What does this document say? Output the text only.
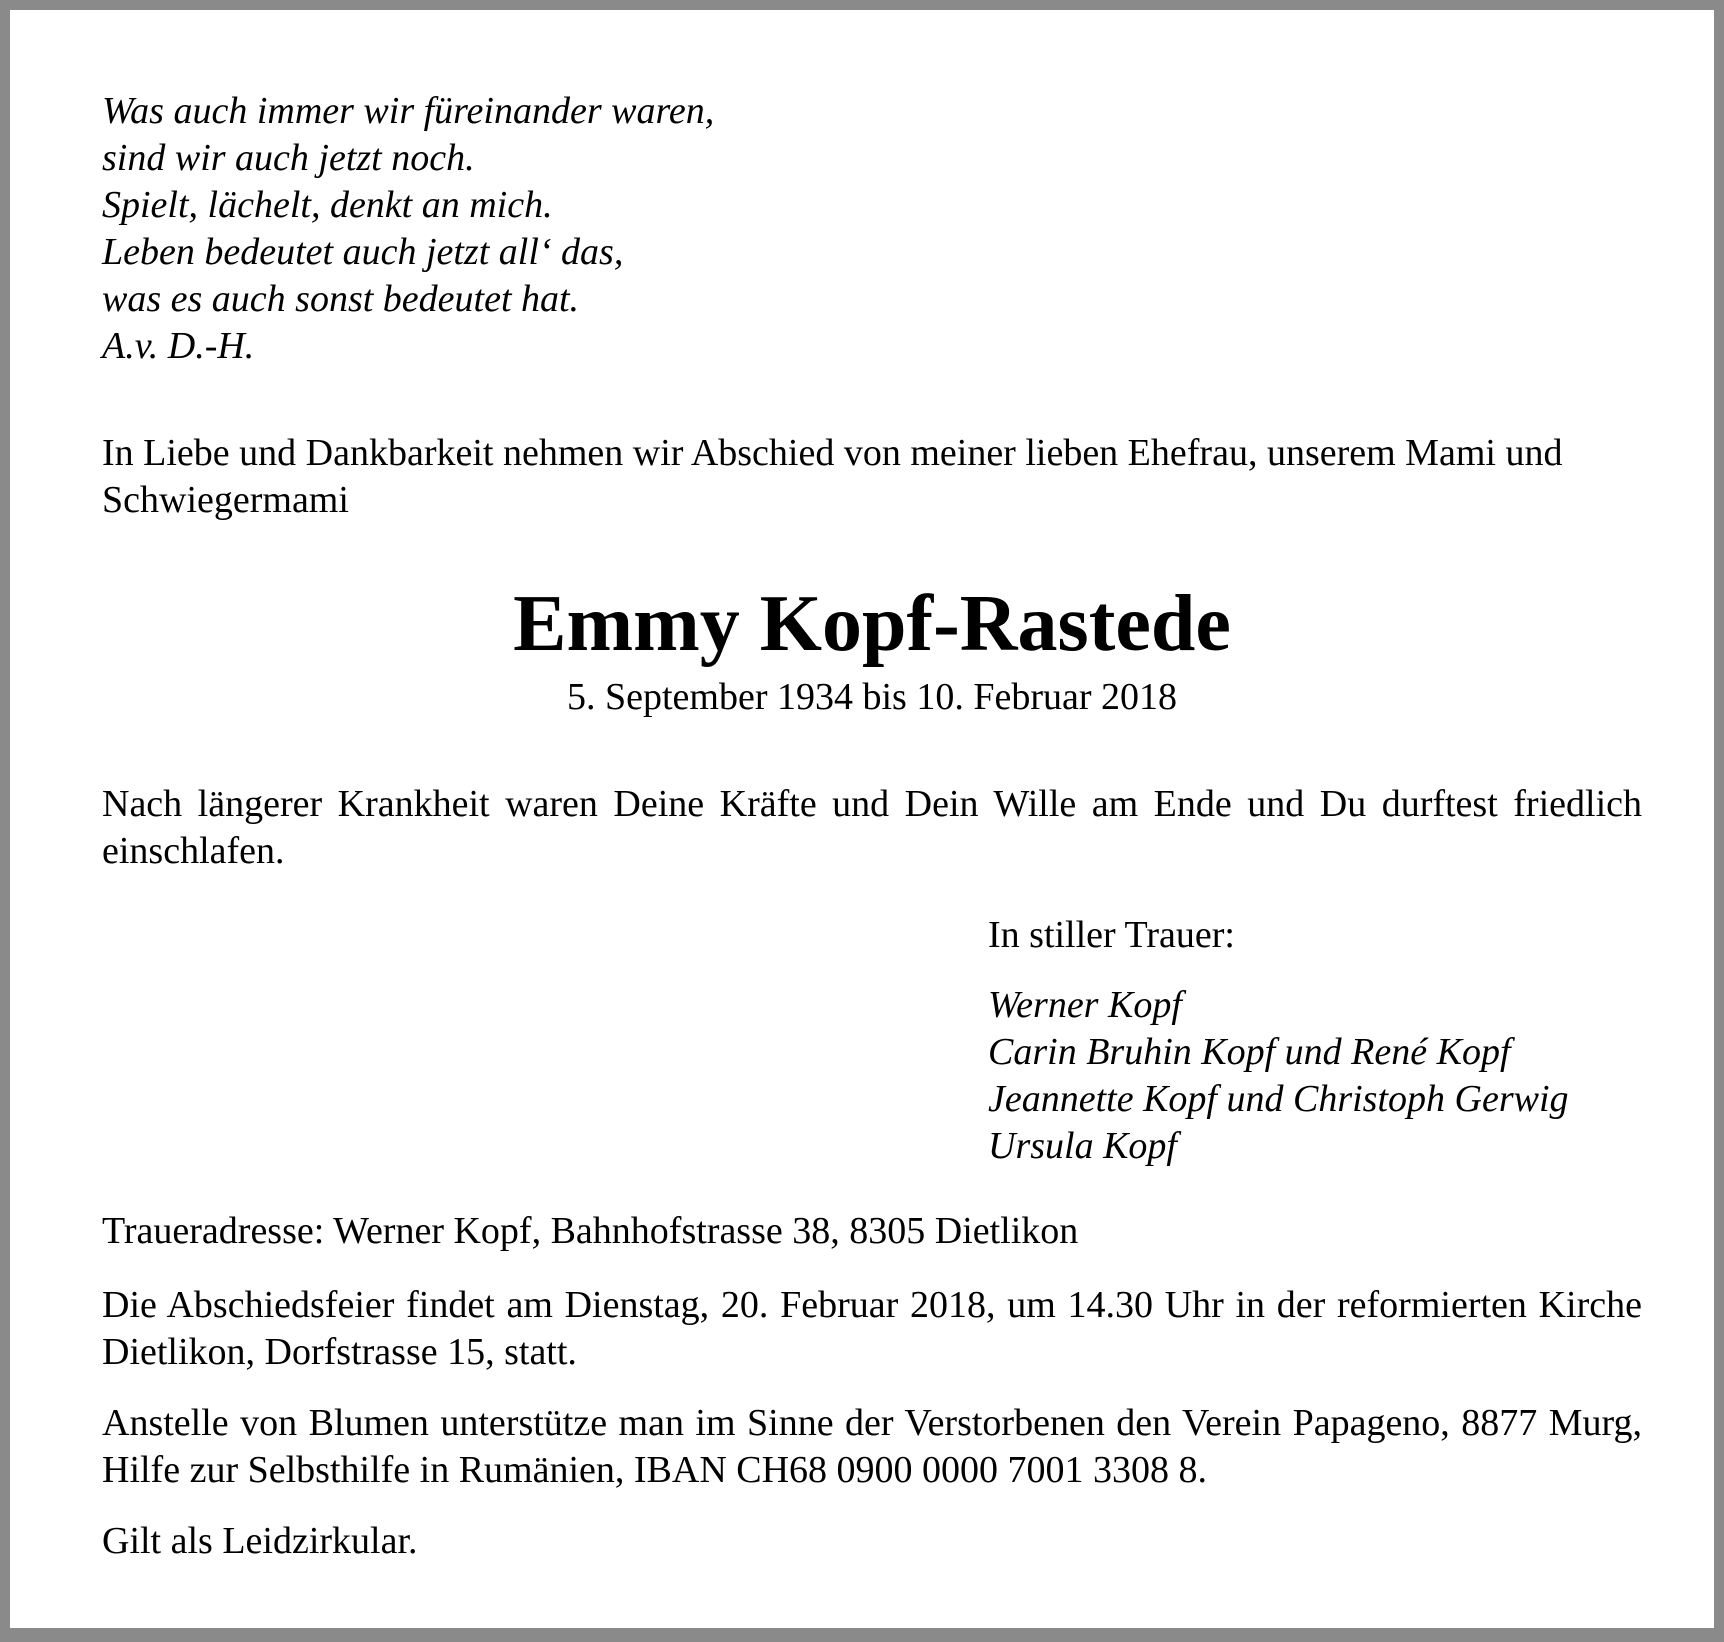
Was auch immer wir füreinander waren,
sind wir auch jetzt noch.
Spielt, lächelt, denkt an mich.
Leben bedeutet auch jetzt all‘ das,
was es auch sonst bedeutet hat.
A.v. D.-H.

In Liebe und Dankbarkeit nehmen wir Abschied von meiner lieben Ehefrau, unserem Mami und Schwiegermami

Emmy Kopf-Rastede

5. September 1934 bis 10. Februar 2018

Nach längerer Krankheit waren Deine Kräfte und Dein Wille am Ende und Du durftest friedlich einschlafen.

In stiller Trauer:

Werner Kopf
Carin Bruhin Kopf und René Kopf
Jeannette Kopf und Christoph Gerwig
Ursula Kopf

Traueradresse: Werner Kopf, Bahnhofstrasse 38, 8305 Dietlikon

Die Abschiedsfeier findet am Dienstag, 20. Februar 2018, um 14.30 Uhr in der reformierten Kirche Dietlikon, Dorfstrasse 15, statt.

Anstelle von Blumen unterstütze man im Sinne der Verstorbenen den Verein Papageno, 8877 Murg, Hilfe zur Selbsthilfe in Rumänien, IBAN CH68 0900 0000 7001 3308 8.

Gilt als Leidzirkular.
